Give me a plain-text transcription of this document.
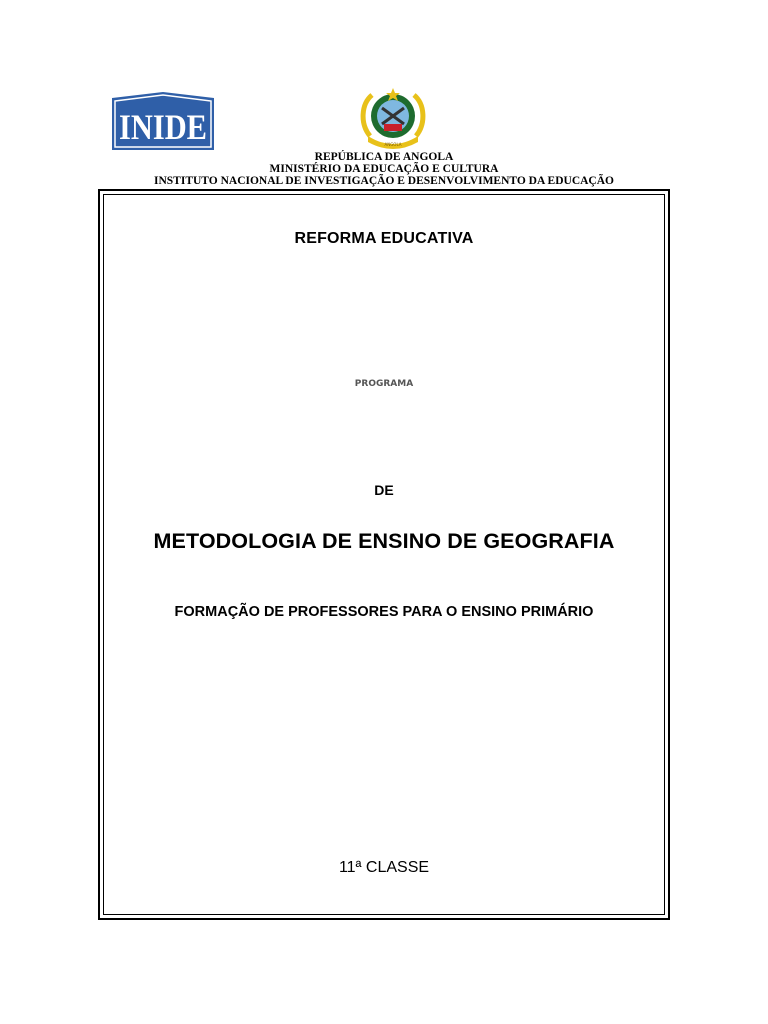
INIDE	ANGOLA
REPÚBLICA DE ANGOLA
MINISTÉRIO DA EDUCAÇÃO E CULTURA
INSTITUTO NACIONAL DE INVESTIGAÇÃO E DESENVOLVIMENTO DA EDUCAÇÃO
REFORMA EDUCATIVA
PROGRAMA
DE
METODOLOGIA DE ENSINO DE GEOGRAFIA
FORMAÇÃO DE PROFESSORES PARA O ENSINO PRIMÁRIO
11ª CLASSE
